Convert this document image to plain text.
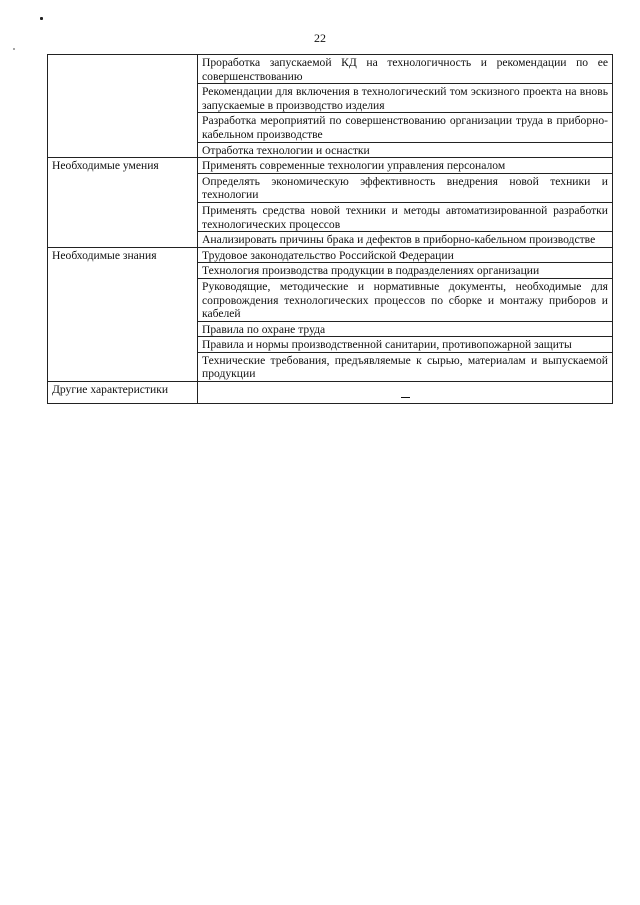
22
	Проработка запускаемой КД на технологичность и рекомендации по ее совершенствованию
	Рекомендации для включения в технологический том эскизного проекта на вновь запускаемые в производство изделия
	Разработка мероприятий по совершенствованию организации труда в приборно-кабельном производстве
	Отработка технологии и оснастки
Необходимые умения	Применять современные технологии управления персоналом
	Определять экономическую эффективность внедрения новой техники и технологии
	Применять средства новой техники и методы автоматизированной разработки технологических процессов
	Анализировать причины брака и дефектов в приборно-кабельном производстве
Необходимые знания	Трудовое законодательство Российской Федерации
	Технология производства продукции в подразделениях организации
	Руководящие, методические и нормативные документы, необходимые для сопровождения технологических процессов по сборке и монтажу приборов и кабелей
	Правила по охране труда
	Правила и нормы производственной санитарии, противопожарной защиты
	Технические требования, предъявляемые к сырью, материалам и выпускаемой продукции
Другие характеристики	
